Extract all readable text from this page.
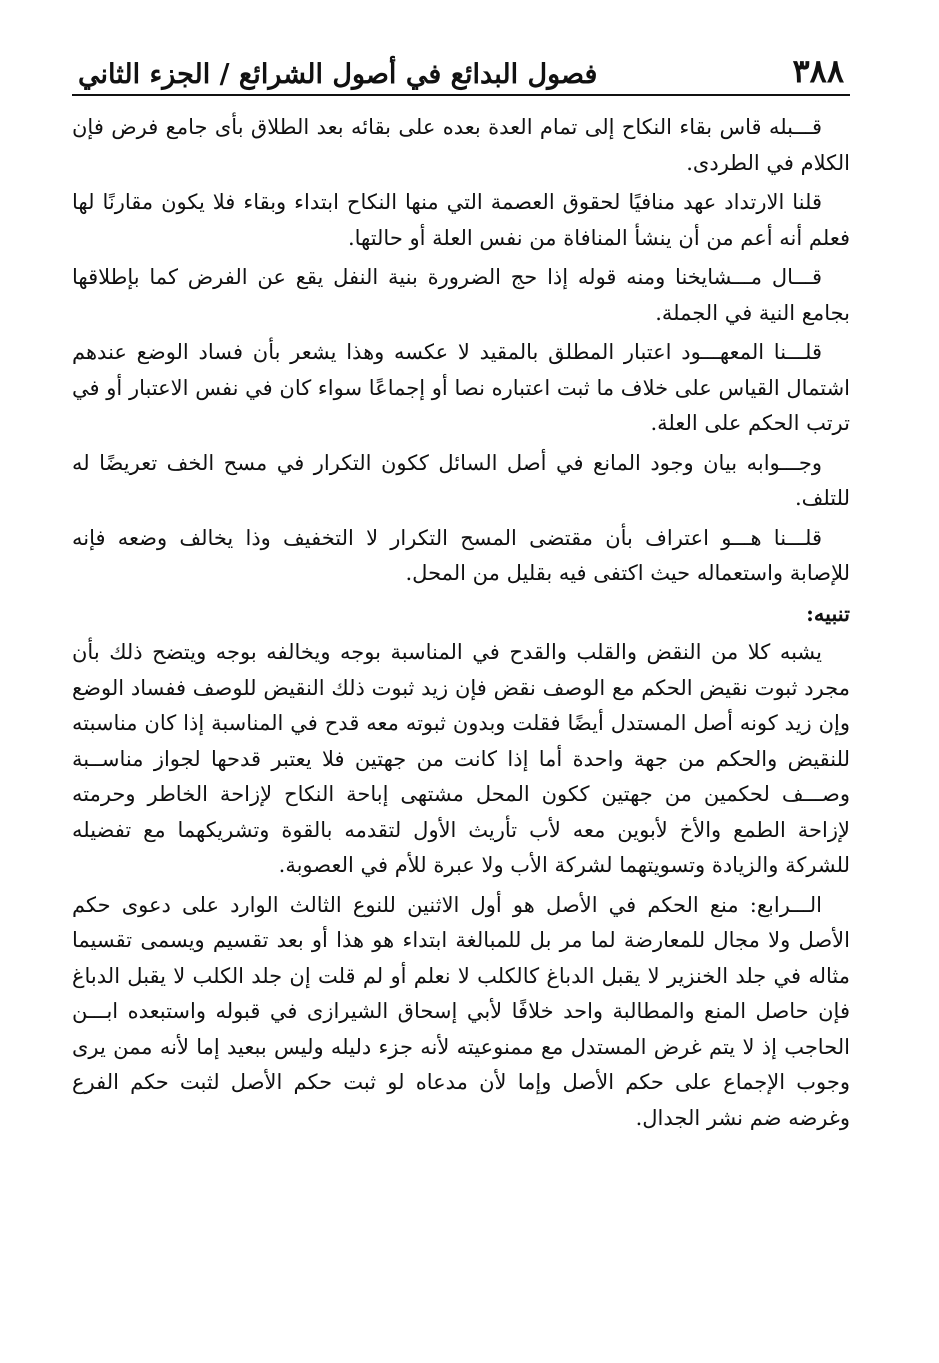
٣٨٨
فصول البدائع في أصول الشرائع / الجزء الثاني

قـــبله قاس بقاء النكاح إلى تمام العدة بعده على بقائه بعد الطلاق بأى جامع فرض فإن الكلام في الطردى.

قلنا الارتداد عهد منافيًا لحقوق العصمة التي منها النكاح ابتداء وبقاء فلا يكون مقارنًا لها فعلم أنه أعم من أن ينشأ المنافاة من نفس العلة أو حالتها.

قـــال مـــشايخنا ومنه قوله إذا حج الضرورة بنية النفل يقع عن الفرض كما بإطلاقها بجامع النية في الجملة.

قلـــنا المعهـــود اعتبار المطلق بالمقيد لا عكسه وهذا يشعر بأن فساد الوضع عندهم اشتمال القياس على خلاف ما ثبت اعتباره نصا أو إجماعًا سواء كان في نفس الاعتبار أو في ترتب الحكم على العلة.

وجـــوابه بيان وجود المانع في أصل السائل ككون التكرار في مسح الخف تعريضًا له للتلف.

قلـــنا هـــو اعتراف بأن مقتضى المسح التكرار لا التخفيف وذا يخالف وضعه فإنه للإصابة واستعماله حيث اكتفى فيه بقليل من المحل.

تنبيه:

يشبه كلا من النقض والقلب والقدح في المناسبة بوجه ويخالفه بوجه ويتضح ذلك بأن مجرد ثبوت نقيض الحكم مع الوصف نقض فإن زيد ثبوت ذلك النقيض للوصف ففساد الوضع وإن زيد كونه أصل المستدل أيضًا فقلت وبدون ثبوته معه قدح في المناسبة إذا كان مناسبته للنقيض والحكم من جهة واحدة أما إذا كانت من جهتين فلا يعتبر قدحها لجواز مناســبة وصـــف لحكمين من جهتين ككون المحل مشتهى إباحة النكاح لإزاحة الخاطر وحرمته لإزاحة الطمع والأخ لأبوين معه لأب تأريث الأول لتقدمه بالقوة وتشريكهما مع تفضيله للشركة والزيادة وتسويتهما لشركة الأب ولا عبرة للأم في العصوبة.

الـــرابع: منع الحكم في الأصل هو أول الاثنين للنوع الثالث الوارد على دعوى حكم الأصل ولا مجال للمعارضة لما مر بل للمبالغة ابتداء هو هذا أو بعد تقسيم ويسمى تقسيما مثاله في جلد الخنزير لا يقبل الدباغ كالكلب لا نعلم أو لم قلت إن جلد الكلب لا يقبل الدباغ فإن حاصل المنع والمطالبة واحد خلافًا لأبي إسحاق الشيرازى في قبوله واستبعده ابـــن الحاجب إذ لا يتم غرض المستدل مع ممنوعيته لأنه جزء دليله وليس ببعيد إما لأنه ممن يرى وجوب الإجماع على حكم الأصل وإما لأن مدعاه لو ثبت حكم الأصل لثبت حكم الفرع وغرضه ضم نشر الجدال.
